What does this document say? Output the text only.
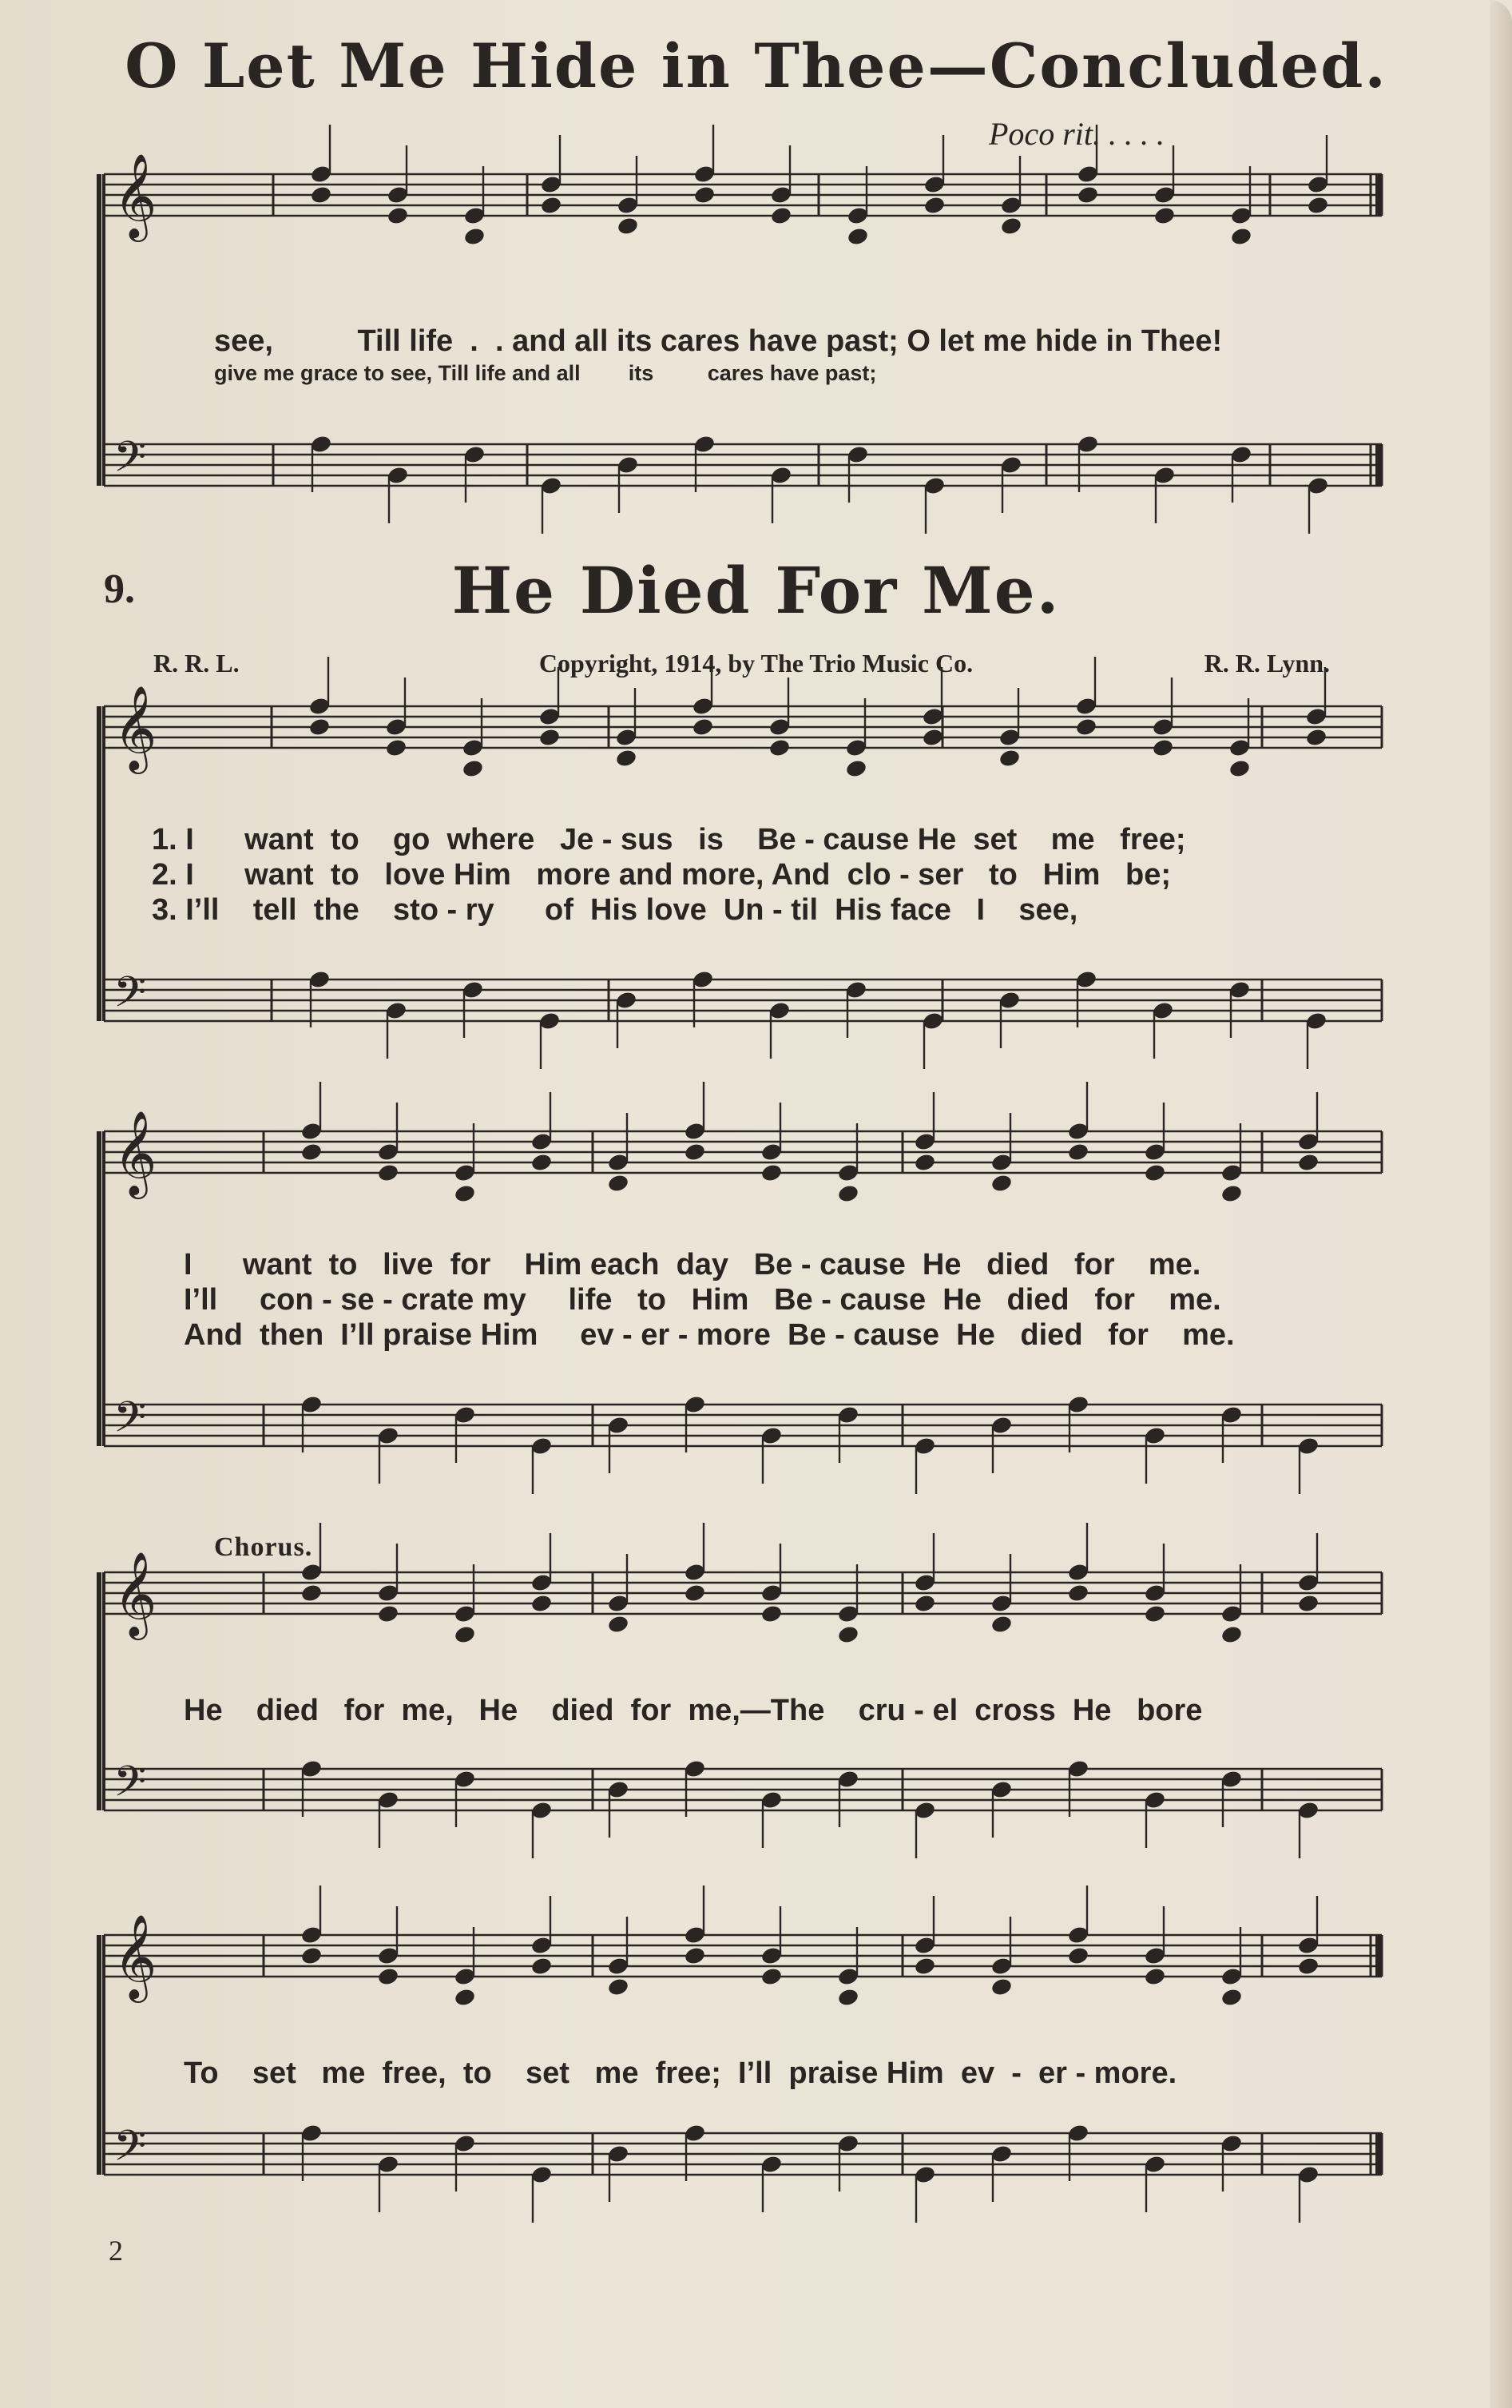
𝄞
𝄢
𝄞
𝄢
𝄞
𝄢
𝄞
𝄢
𝄞
𝄢
O Let Me Hide in Thee—Concluded.
Poco rit. . . . .
see,          Till life  .  . and all its cares have past; O let me hide in Thee!
give me grace to see, Till life and all        its         cares have past;
9.	He Died For Me.
R. R. L.	Copyright, 1914, by The Trio Music Co.	R. R. Lynn.
1. I      want  to    go  where   Je - sus   is    Be - cause He  set    me   free;
2. I      want  to   love Him   more and more, And  clo - ser   to   Him   be;
3. I’ll    tell  the    sto - ry      of  His love  Un - til  His face   I    see,
I      want  to   live  for    Him each  day   Be - cause  He   died   for    me.
I’ll     con - se - crate my     life   to   Him   Be - cause  He   died   for    me.
And  then  I’ll praise Him     ev - er - more  Be - cause  He   died   for    me.
Chorus.
He    died   for  me,   He    died  for  me,—The    cru - el  cross  He   bore
To    set   me  free,  to    set   me  free;  I’ll  praise Him  ev  -  er - more.
2
